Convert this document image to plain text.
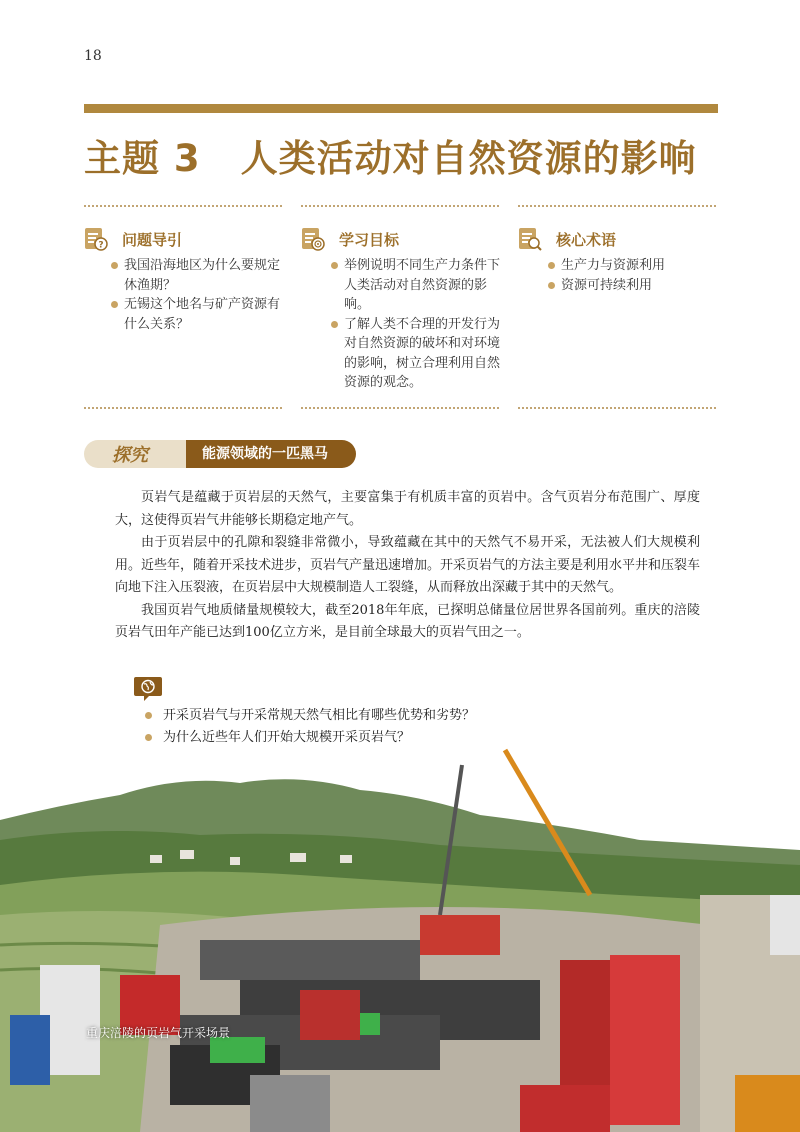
18
主题 3 人类活动对自然资源的影响
? 问题导引
我国沿海地区为什么要规定休渔期？
无锡这个地名与矿产资源有什么关系？
学习目标
举例说明不同生产力条件下人类活动对自然资源的影响。
了解人类不合理的开发行为对自然资源的破坏和对环境的影响，树立合理利用自然资源的观念。
核心术语
生产力与资源利用
资源可持续利用
探究	能源领域的一匹黑马

页岩气是蕴藏于页岩层的天然气，主要富集于有机质丰富的页岩中。含气页岩分布范围广、厚度大，这使得页岩气井能够长期稳定地产气。

由于页岩层中的孔隙和裂缝非常微小，导致蕴藏在其中的天然气不易开采，无法被人们大规模利用。近些年，随着开采技术进步，页岩气产量迅速增加。开采页岩气的方法主要是利用水平井和压裂车向地下注入压裂液，在页岩层中大规模制造人工裂缝，从而释放出深藏于其中的天然气。

我国页岩气地质储量规模较大，截至2018年年底，已探明总储量位居世界各国前列。重庆的涪陵页岩气田年产能已达到100亿立方米，是目前全球最大的页岩气田之一。

开采页岩气与开采常规天然气相比有哪些优势和劣势？
为什么近些年人们开始大规模开采页岩气？
重庆涪陵的页岩气开采场景
